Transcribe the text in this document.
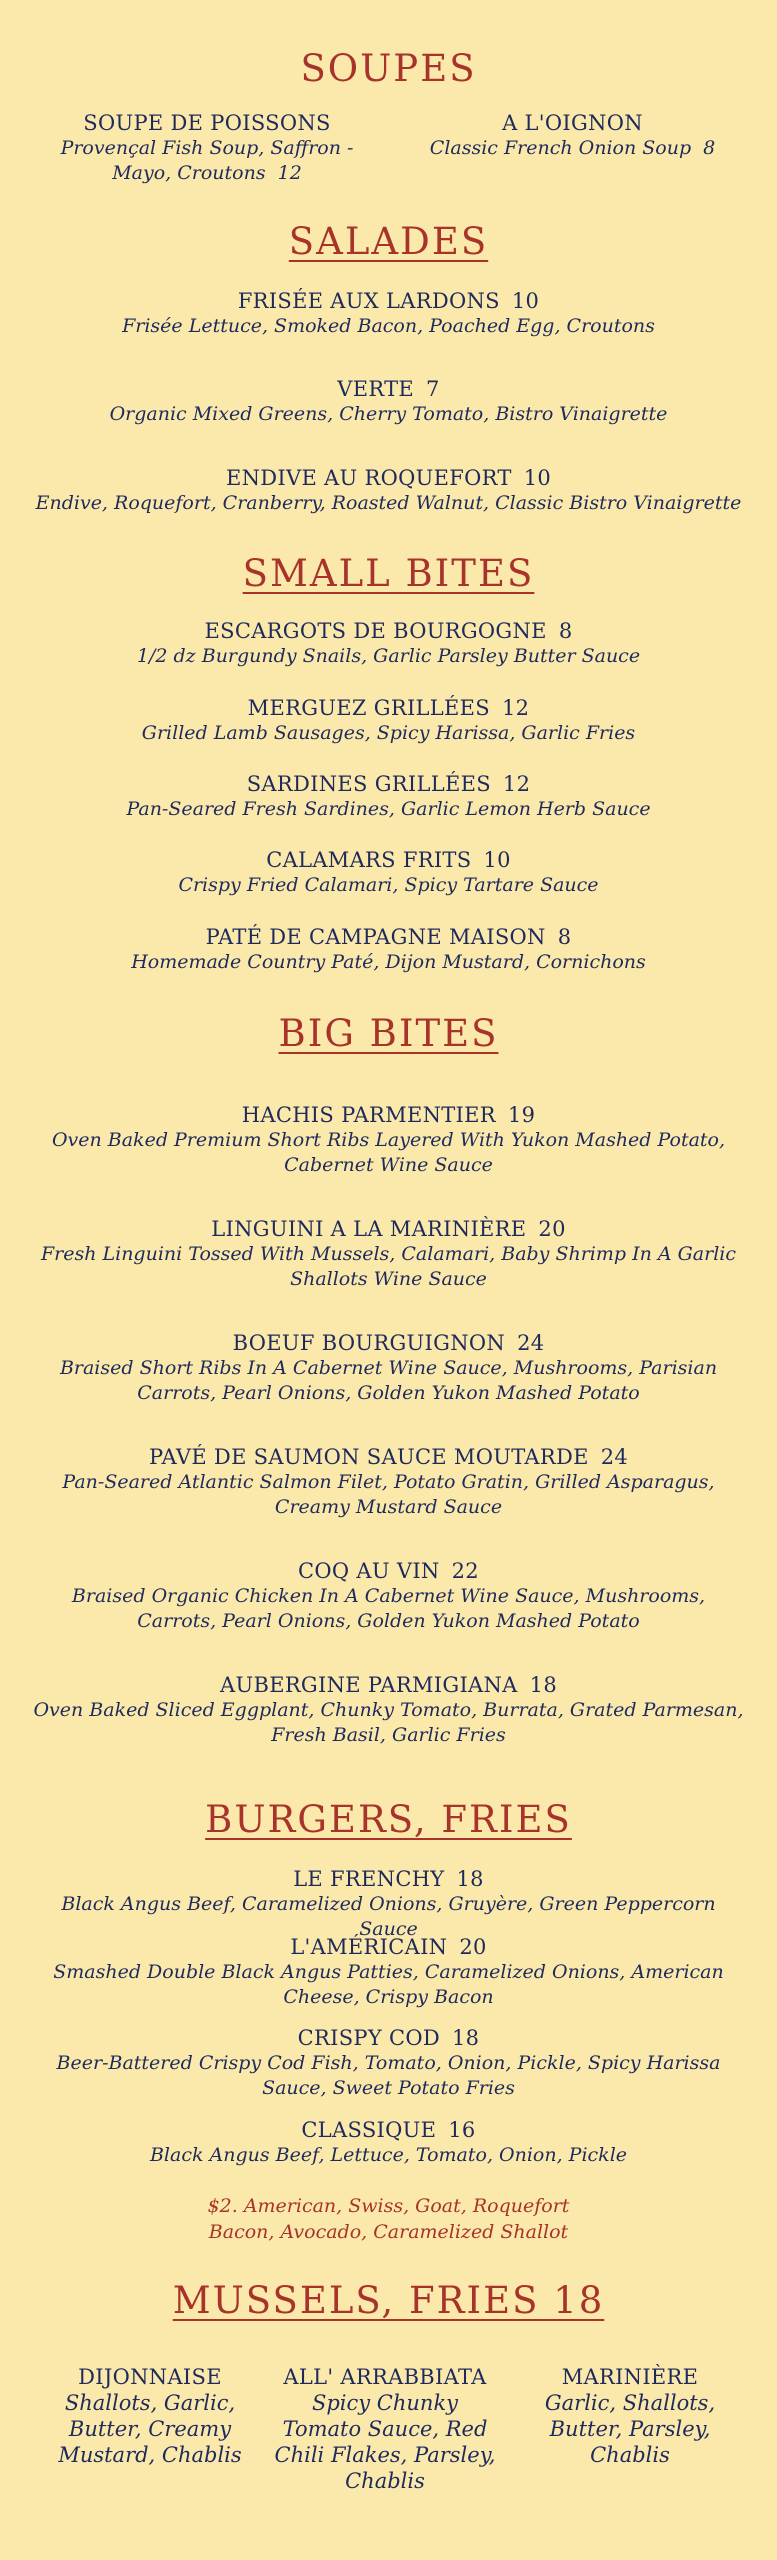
SOUPES
SOUPE DE POISSONS
Provençal Fish Soup, Saffron -
Mayo, Croutons 12
A L'OIGNON
Classic French Onion Soup 8
SALADES
FRISÉE AUX LARDONS 10
Frisée Lettuce, Smoked Bacon, Poached Egg, Croutons
VERTE 7
Organic Mixed Greens, Cherry Tomato, Bistro Vinaigrette
ENDIVE AU ROQUEFORT 10
Endive, Roquefort, Cranberry, Roasted Walnut, Classic Bistro Vinaigrette
SMALL BITES
ESCARGOTS DE BOURGOGNE 8
1/2 dz Burgundy Snails, Garlic Parsley Butter Sauce
MERGUEZ GRILLÉES 12
Grilled Lamb Sausages, Spicy Harissa, Garlic Fries
SARDINES GRILLÉES 12
Pan-Seared Fresh Sardines, Garlic Lemon Herb Sauce
CALAMARS FRITS 10
Crispy Fried Calamari, Spicy Tartare Sauce
PATÉ DE CAMPAGNE MAISON 8
Homemade Country Paté, Dijon Mustard, Cornichons
BIG BITES
HACHIS PARMENTIER 19
Oven Baked Premium Short Ribs Layered With Yukon Mashed Potato,
Cabernet Wine Sauce
LINGUINI A LA MARINIÈRE 20
Fresh Linguini Tossed With Mussels, Calamari, Baby Shrimp In A Garlic
Shallots Wine Sauce
BOEUF BOURGUIGNON 24
Braised Short Ribs In A Cabernet Wine Sauce, Mushrooms, Parisian
Carrots, Pearl Onions, Golden Yukon Mashed Potato
PAVÉ DE SAUMON SAUCE MOUTARDE 24
Pan-Seared Atlantic Salmon Filet, Potato Gratin, Grilled Asparagus,
Creamy Mustard Sauce
COQ AU VIN 22
Braised Organic Chicken In A Cabernet Wine Sauce, Mushrooms,
Carrots, Pearl Onions, Golden Yukon Mashed Potato
AUBERGINE PARMIGIANA 18
Oven Baked Sliced Eggplant, Chunky Tomato, Burrata, Grated Parmesan,
Fresh Basil, Garlic Fries
BURGERS, FRIES
LE FRENCHY 18
Black Angus Beef, Caramelized Onions, Gruyère, Green Peppercorn Sauce
L'AMÉRICAIN 20
Smashed Double Black Angus Patties, Caramelized Onions, American
Cheese, Crispy Bacon
CRISPY COD 18
Beer-Battered Crispy Cod Fish, Tomato, Onion, Pickle, Spicy Harissa
Sauce, Sweet Potato Fries
CLASSIQUE 16
Black Angus Beef, Lettuce, Tomato, Onion, Pickle
$2. American, Swiss, Goat, Roquefort
Bacon, Avocado, Caramelized Shallot
MUSSELS, FRIES 18
DIJONNAISE
Shallots, Garlic,
Butter, Creamy
Mustard, Chablis
ALL' ARRABBIATA
Spicy Chunky
Tomato Sauce, Red
Chili Flakes, Parsley,
Chablis
MARINIÈRE
Garlic, Shallots,
Butter, Parsley,
Chablis
